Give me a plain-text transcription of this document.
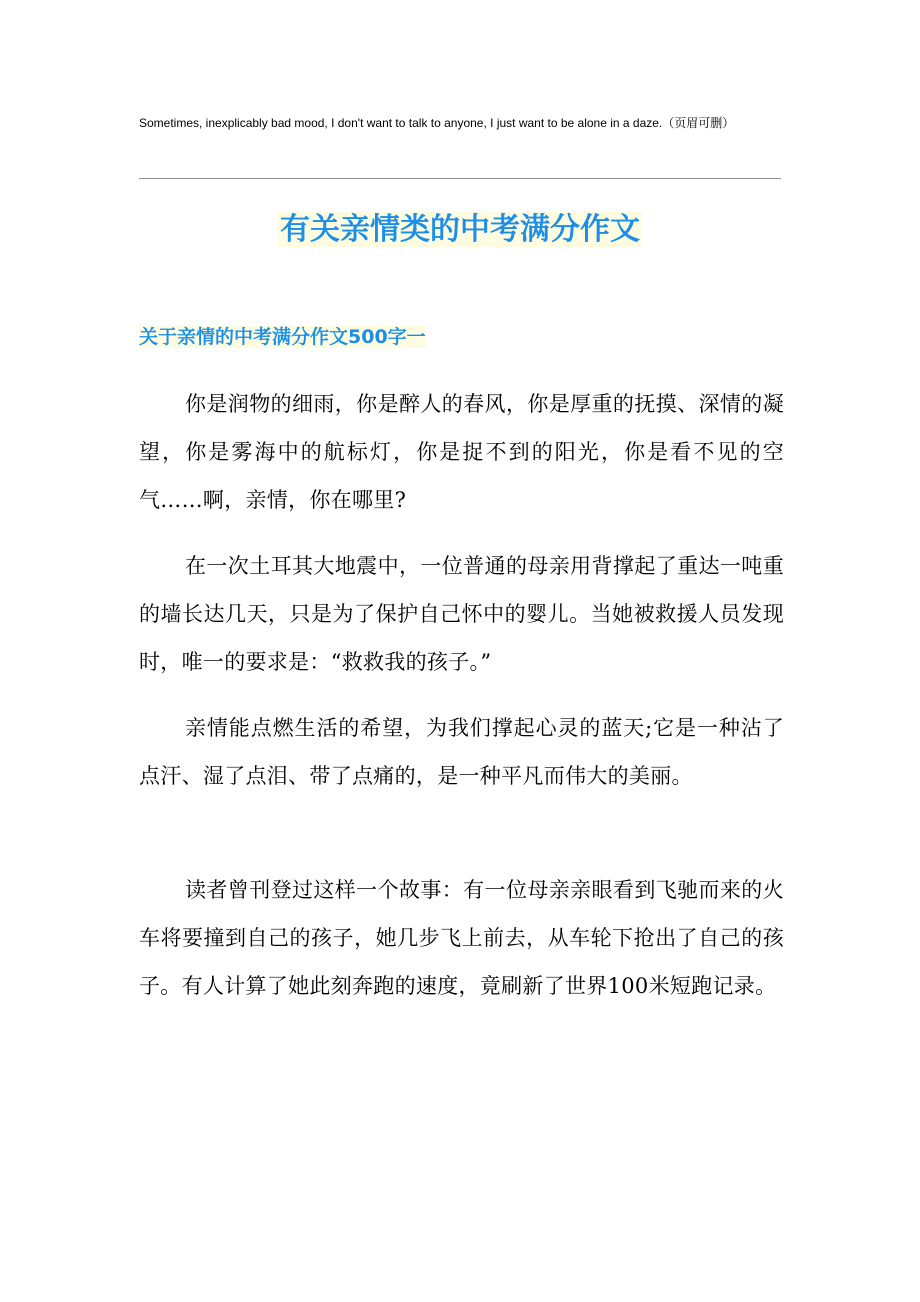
Sometimes, inexplicably bad mood, I don't want to talk to anyone, I just want to be alone in a daze.（页眉可删）
有关亲情类的中考满分作文
关于亲情的中考满分作文500字一

你是润物的细雨，你是醉人的春风，你是厚重的抚摸、深情的凝望，你是雾海中的航标灯，你是捉不到的阳光，你是看不见的空气……啊，亲情，你在哪里?

在一次土耳其大地震中，一位普通的母亲用背撑起了重达一吨重的墙长达几天，只是为了保护自己怀中的婴儿。当她被救援人员发现时，唯一的要求是：“救救我的孩子。”

亲情能点燃生活的希望，为我们撑起心灵的蓝天;它是一种沾了点汗、湿了点泪、带了点痛的，是一种平凡而伟大的美丽。

读者曾刊登过这样一个故事：有一位母亲亲眼看到飞驰而来的火车将要撞到自己的孩子，她几步飞上前去，从车轮下抢出了自己的孩子。有人计算了她此刻奔跑的速度，竟刷新了世界100米短跑记录。
